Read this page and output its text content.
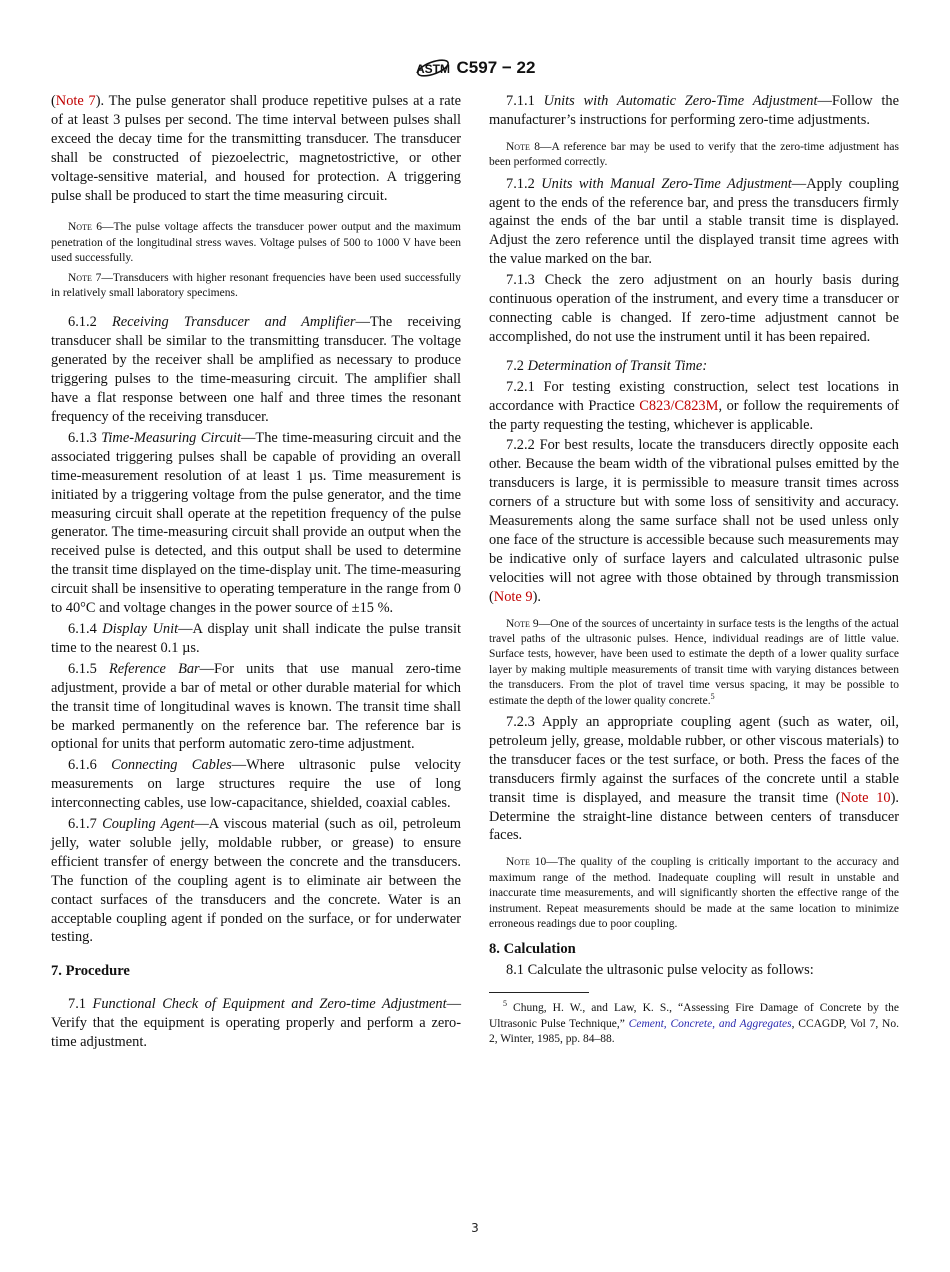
ASTM C597 − 22

(Note 7). The pulse generator shall produce repetitive pulses at a rate of at least 3 pulses per second. The time interval between pulses shall exceed the decay time for the transmitting transducer. The transducer shall be constructed of piezoelectric, magnetostrictive, or other voltage-sensitive material, and housed for protection. A triggering pulse shall be produced to start the time measuring circuit.

Note 6—The pulse voltage affects the transducer power output and the maximum penetration of the longitudinal stress waves. Voltage pulses of 500 to 1000 V have been used successfully.

Note 7—Transducers with higher resonant frequencies have been used successfully in relatively small laboratory specimens.

6.1.2 Receiving Transducer and Amplifier—The receiving transducer shall be similar to the transmitting transducer. The voltage generated by the receiver shall be amplified as necessary to produce triggering pulses to the time-measuring circuit. The amplifier shall have a flat response between one half and three times the resonant frequency of the receiving transducer.

6.1.3 Time-Measuring Circuit—The time-measuring circuit and the associated triggering pulses shall be capable of providing an overall time-measurement resolution of at least 1 µs. Time measurement is initiated by a triggering voltage from the pulse generator, and the time measuring circuit shall operate at the repetition frequency of the pulse generator. The time-measuring circuit shall provide an output when the received pulse is detected, and this output shall be used to determine the transit time displayed on the time-display unit. The time-measuring circuit shall be insensitive to operating temperature in the range from 0 to 40°C and voltage changes in the power source of ±15 %.

6.1.4 Display Unit—A display unit shall indicate the pulse transit time to the nearest 0.1 µs.

6.1.5 Reference Bar—For units that use manual zero-time adjustment, provide a bar of metal or other durable material for which the transit time of longitudinal waves is known. The transit time shall be marked permanently on the reference bar. The reference bar is optional for units that perform automatic zero-time adjustment.

6.1.6 Connecting Cables—Where ultrasonic pulse velocity measurements on large structures require the use of long interconnecting cables, use low-capacitance, shielded, coaxial cables.

6.1.7 Coupling Agent—A viscous material (such as oil, petroleum jelly, water soluble jelly, moldable rubber, or grease) to ensure efficient transfer of energy between the concrete and the transducers. The function of the coupling agent is to eliminate air between the contact surfaces of the transducers and the concrete. Water is an acceptable coupling agent if ponded on the surface, or for underwater testing.

7. Procedure

7.1 Functional Check of Equipment and Zero-time Adjustment—Verify that the equipment is operating properly and perform a zero-time adjustment.

7.1.1 Units with Automatic Zero-Time Adjustment—Follow the manufacturer’s instructions for performing zero-time adjustments.

Note 8—A reference bar may be used to verify that the zero-time adjustment has been performed correctly.

7.1.2 Units with Manual Zero-Time Adjustment—Apply coupling agent to the ends of the reference bar, and press the transducers firmly against the ends of the bar until a stable transit time is displayed. Adjust the zero reference until the displayed transit time agrees with the value marked on the bar.

7.1.3 Check the zero adjustment on an hourly basis during continuous operation of the instrument, and every time a transducer or connecting cable is changed. If zero-time adjustment cannot be accomplished, do not use the instrument until it has been repaired.

7.2 Determination of Transit Time:

7.2.1 For testing existing construction, select test locations in accordance with Practice C823/C823M, or follow the requirements of the party requesting the testing, whichever is applicable.

7.2.2 For best results, locate the transducers directly opposite each other. Because the beam width of the vibrational pulses emitted by the transducers is large, it is permissible to measure transit times across corners of a structure but with some loss of sensitivity and accuracy. Measurements along the same surface shall not be used unless only one face of the structure is accessible because such measurements may be indicative only of surface layers and calculated ultrasonic pulse velocities will not agree with those obtained by through transmission (Note 9).

Note 9—One of the sources of uncertainty in surface tests is the lengths of the actual travel paths of the ultrasonic pulses. Hence, individual readings are of little value. Surface tests, however, have been used to estimate the depth of a lower quality surface layer by making multiple measurements of transit time with varying distances between the transducers. From the plot of travel time versus spacing, it may be possible to estimate the depth of the lower quality concrete.$^5$

7.2.3 Apply an appropriate coupling agent (such as water, oil, petroleum jelly, grease, moldable rubber, or other viscous materials) to the transducer faces or the test surface, or both. Press the faces of the transducers firmly against the surfaces of the concrete until a stable transit time is displayed, and measure the transit time (Note 10). Determine the straight-line distance between centers of transducer faces.

Note 10—The quality of the coupling is critically important to the accuracy and maximum range of the method. Inadequate coupling will result in unstable and inaccurate time measurements, and will significantly shorten the effective range of the instrument. Repeat measurements should be made at the same location to minimize erroneous readings due to poor coupling.

8. Calculation

8.1 Calculate the ultrasonic pulse velocity as follows:

$^5$ Chung, H. W., and Law, K. S., “Assessing Fire Damage of Concrete by the Ultrasonic Pulse Technique,” Cement, Concrete, and Aggregates, CCAGDP, Vol 7, No. 2, Winter, 1985, pp. 84–88.

3
